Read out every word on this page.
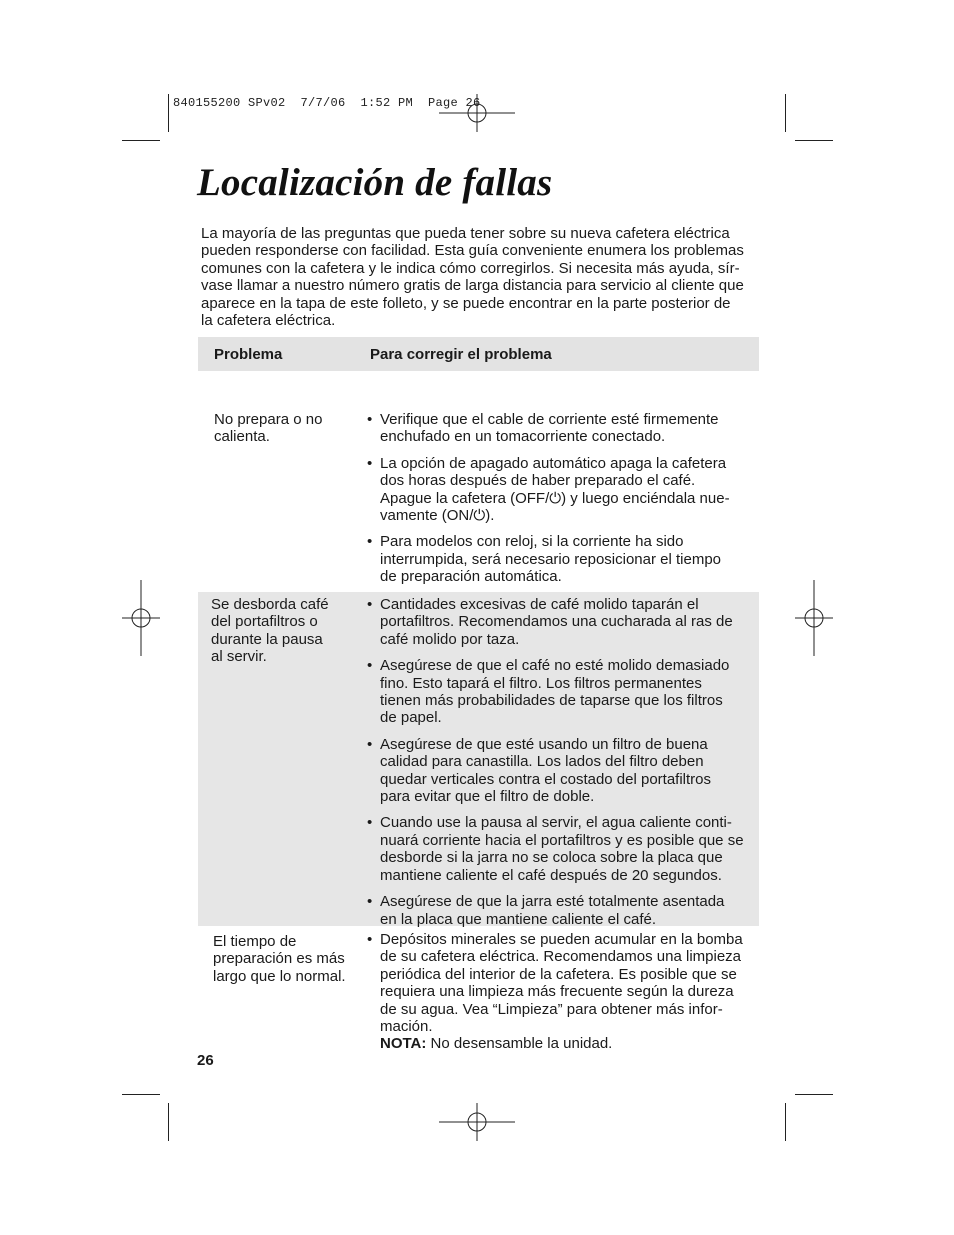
840155200 SPv02  7/7/06  1:52 PM  Page 26
Localización de fallas
La mayoría de las preguntas que pueda tener sobre su nueva cafetera eléctrica
pueden responderse con facilidad. Esta guía conveniente enumera los problemas
comunes con la cafetera y le indica cómo corregirlos. Si necesita más ayuda, sír-
vase llamar a nuestro número gratis de larga distancia para servicio al cliente que
aparece en la tapa de este folleto, y se puede encontrar en la parte posterior de
la cafetera eléctrica.
Problema	Para corregir el problema
No prepara o no
calienta.
• Verifique que el cable de corriente esté firmemente
enchufado en un tomacorriente conectado.
• La opción de apagado automático apaga la cafetera
dos horas después de haber preparado el café.
Apague la cafetera (OFF/⏻) y luego enciéndala nue-
vamente (ON/⏻).
• Para modelos con reloj, si la corriente ha sido
interrumpida, será necesario reposicionar el tiempo
de preparación automática.
Se desborda café
del portafiltros o
durante la pausa
al servir.
• Cantidades excesivas de café molido taparán el
portafiltros. Recomendamos una cucharada al ras de
café molido por taza.
• Asegúrese de que el café no esté molido demasiado
fino. Esto tapará el filtro. Los filtros permanentes
tienen más probabilidades de taparse que los filtros
de papel.
• Asegúrese de que esté usando un filtro de buena
calidad para canastilla. Los lados del filtro deben
quedar verticales contra el costado del portafiltros
para evitar que el filtro de doble.
• Cuando use la pausa al servir, el agua caliente conti-
nuará corriente hacia el portafiltros y es posible que se
desborde si la jarra no se coloca sobre la placa que
mantiene caliente el café después de 20 segundos.
• Asegúrese de que la jarra esté totalmente asentada
en la placa que mantiene caliente el café.
El tiempo de
preparación es más
largo que lo normal.
• Depósitos minerales se pueden acumular en la bomba
de su cafetera eléctrica. Recomendamos una limpieza
periódica del interior de la cafetera. Es posible que se
requiera una limpieza más frecuente según la dureza
de su agua. Vea “Limpieza” para obtener más infor-
mación.
NOTA: No desensamble la unidad.
26
